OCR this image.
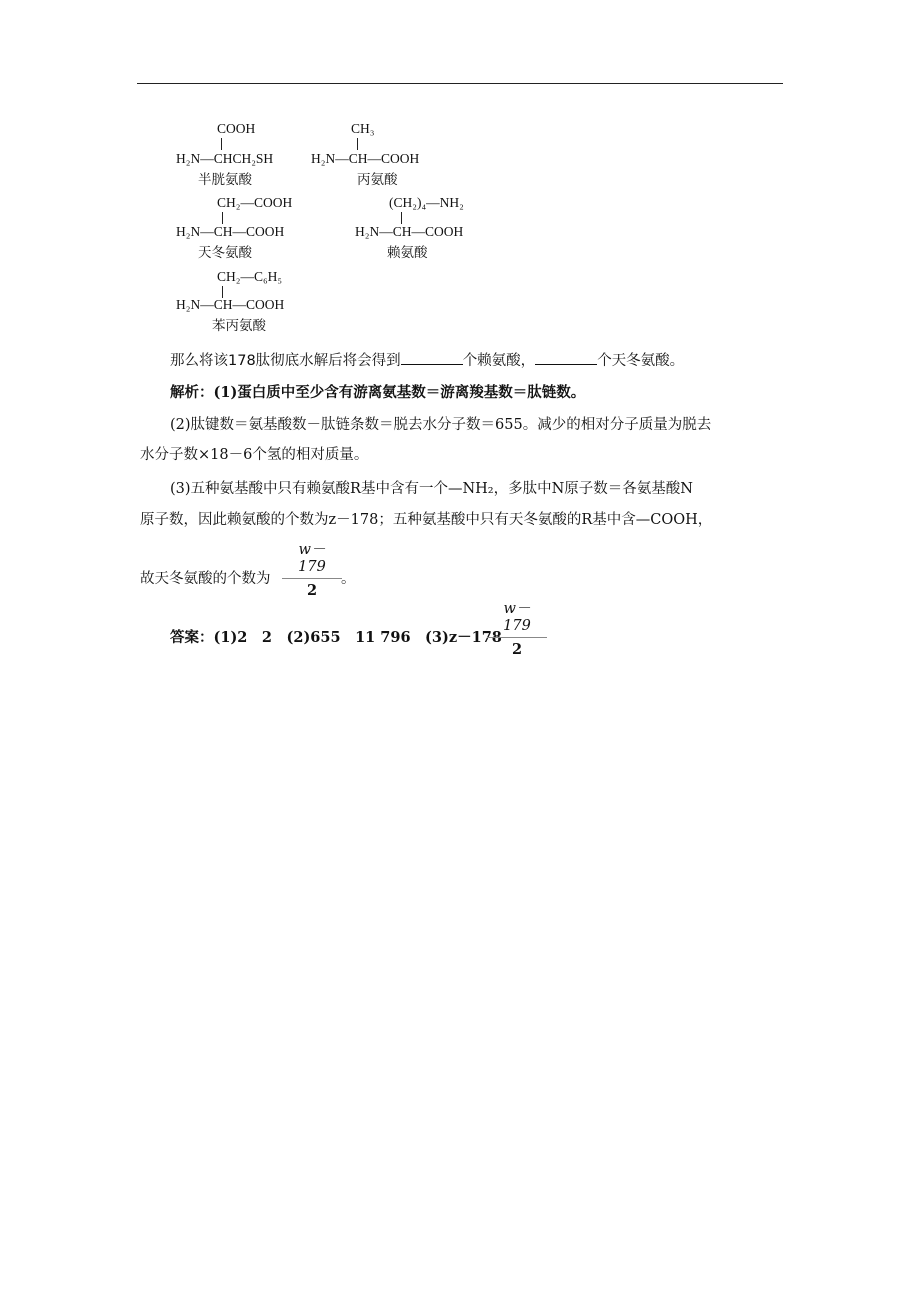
COOH
H₂N—CHCH₂SH
半胱氨酸
CH₃
H₂N—CH—COOH
丙氨酸
CH₂—COOH
H₂N—CH—COOH
天冬氨酸
(CH₂)₄—NH₂
H₂N—CH—COOH
赖氨酸
CH₂—C₆H₅
H₂N—CH—COOH
苯丙氨酸
那么将该178肽彻底水解后将会得到	个赖氨酸，	个天冬氨酸。
解析：(1)蛋白质中至少含有游离氨基数＝游离羧基数＝肽链数。
(2)肽键数＝氨基酸数－肽链条数＝脱去水分子数＝655。减少的相对分子质量为脱去
水分子数×18－6个氢的相对质量。
(3)五种氨基酸中只有赖氨酸R基中含有一个—NH₂，多肽中N原子数＝各氨基酸N
原子数，因此赖氨酸的个数为z－178；五种氨基酸中只有天冬氨酸的R基中含—COOH，
故天冬氨酸的个数为
w－179
2
。
答案：(1)2　2　(2)655　11 796　(3)z－178
w－179
2
